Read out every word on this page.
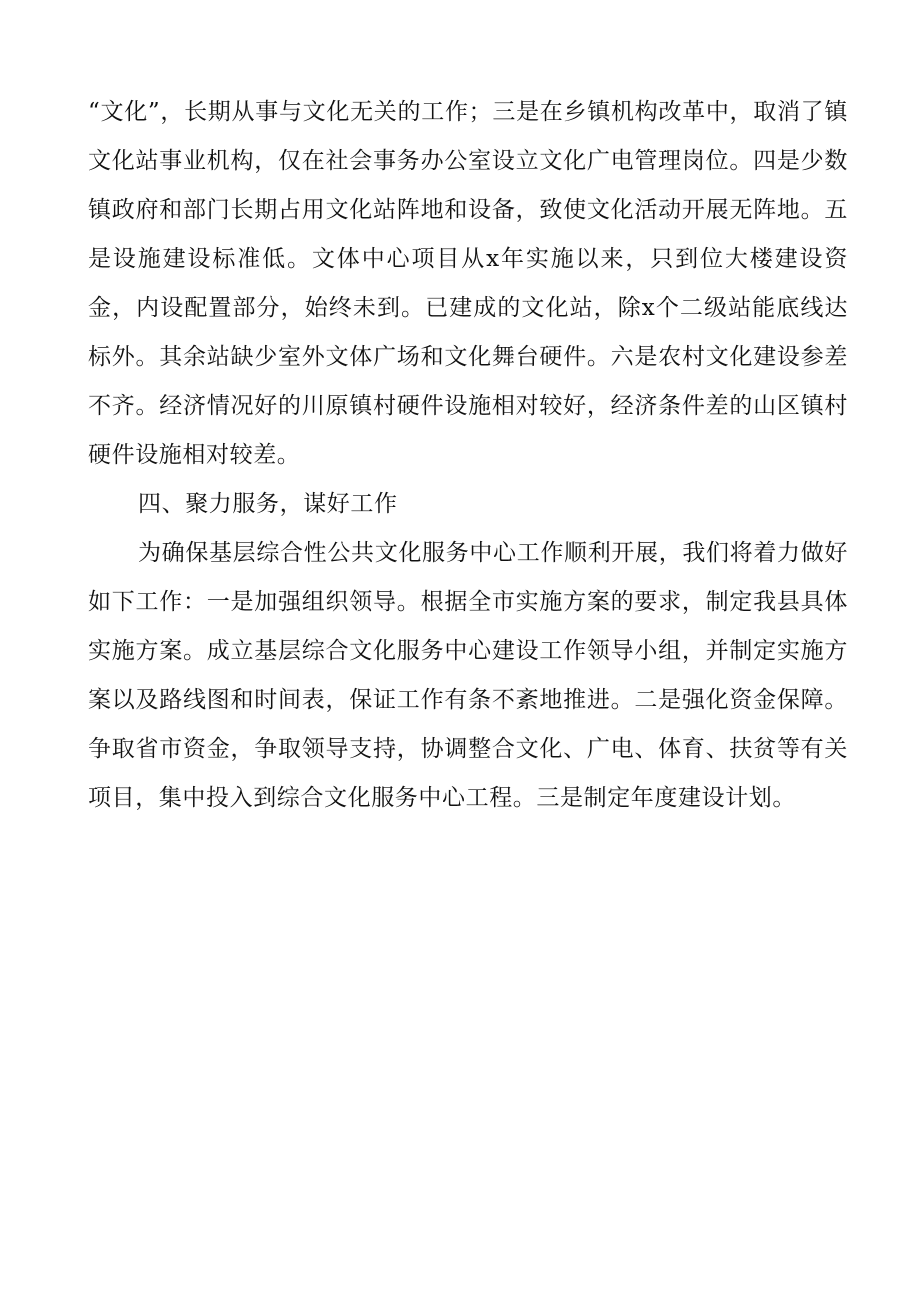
“文化”，长期从事与文化无关的工作；三是在乡镇机构改革中，取消了镇文化站事业机构，仅在社会事务办公室设立文化广电管理岗位。四是少数镇政府和部门长期占用文化站阵地和设备，致使文化活动开展无阵地。五是设施建设标准低。文体中心项目从x年实施以来，只到位大楼建设资金，内设配置部分，始终未到。已建成的文化站，除x个二级站能底线达标外。其余站缺少室外文体广场和文化舞台硬件。六是农村文化建设参差不齐。经济情况好的川原镇村硬件设施相对较好，经济条件差的山区镇村硬件设施相对较差。

四、聚力服务，谋好工作

为确保基层综合性公共文化服务中心工作顺利开展，我们将着力做好如下工作：一是加强组织领导。根据全市实施方案的要求，制定我县具体实施方案。成立基层综合文化服务中心建设工作领导小组，并制定实施方案以及路线图和时间表，保证工作有条不紊地推进。二是强化资金保障。争取省市资金，争取领导支持，协调整合文化、广电、体育、扶贫等有关项目，集中投入到综合文化服务中心工程。三是制定年度建设计划。
